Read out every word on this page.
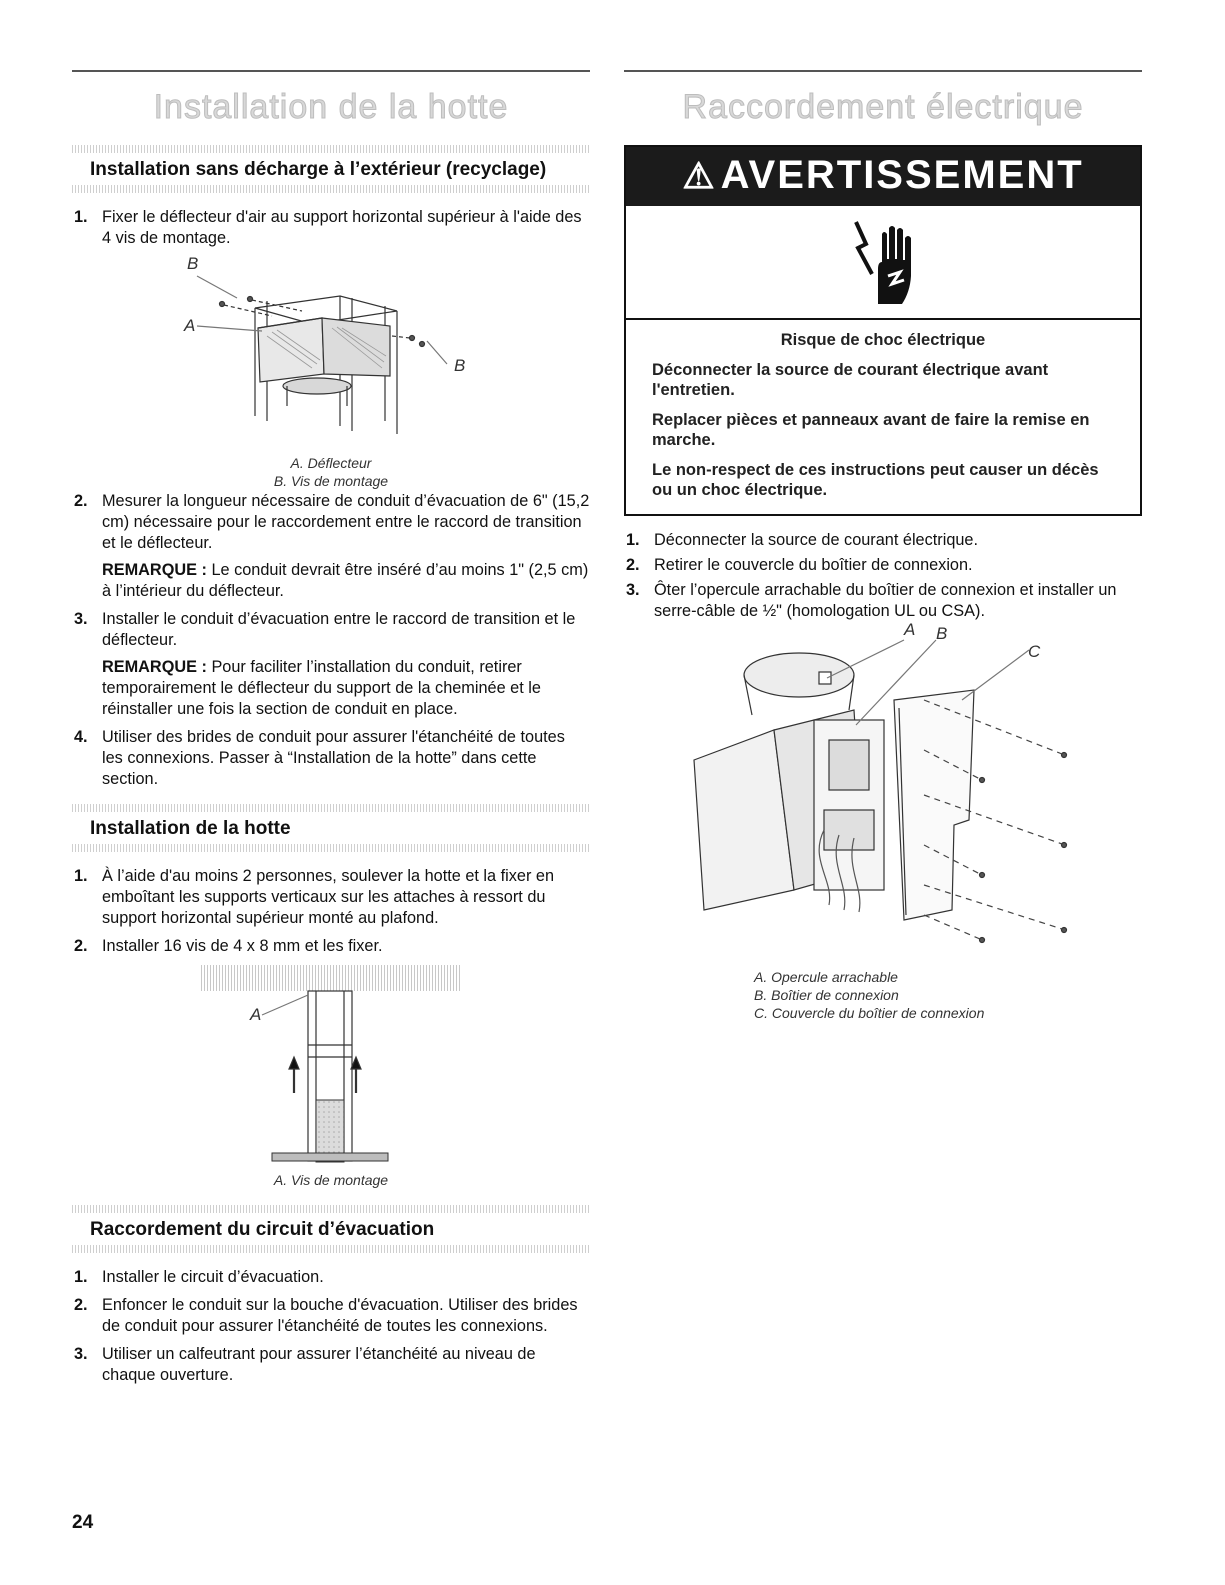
Installation de la hotte
Installation sans décharge à l’extérieur (recyclage)
1. Fixer le déflecteur d'air au support horizontal supérieur à l'aide des 4 vis de montage.
B
A
B
A. Déflecteur
B. Vis de montage
2. Mesurer la longueur nécessaire de conduit d’évacuation de 6" (15,2 cm) nécessaire pour le raccordement entre le raccord de transition et le déflecteur.

REMARQUE : Le conduit devrait être inséré d’au moins 1" (2,5 cm) à l’intérieur du déflecteur.

3. Installer le conduit d’évacuation entre le raccord de transition et le déflecteur.

REMARQUE : Pour faciliter l’installation du conduit, retirer temporairement le déflecteur du support de la cheminée et le réinstaller une fois la section de conduit en place.

4. Utiliser des brides de conduit pour assurer l'étanchéité de toutes les connexions. Passer à “Installation de la hotte” dans cette section.
Installation de la hotte
1. À l’aide d'au moins 2 personnes, soulever la hotte et la fixer en emboîtant les supports verticaux sur les attaches à ressort du support horizontal supérieur monté au plafond.
2. Installer 16 vis de 4 x 8 mm et les fixer.
A
A. Vis de montage
Raccordement du circuit d’évacuation
1. Installer le circuit d’évacuation.
2. Enfoncer le conduit sur la bouche d'évacuation. Utiliser des brides de conduit pour assurer l'étanchéité de toutes les connexions.
3. Utiliser un calfeutrant pour assurer l’étanchéité au niveau de chaque ouverture.
Raccordement électrique
⚠ AVERTISSEMENT

Risque de choc électrique

Déconnecter la source de courant électrique avant l'entretien.

Replacer pièces et panneaux avant de faire la remise en marche.

Le non-respect de ces instructions peut causer un décès ou un choc électrique.

1. Déconnecter la source de courant électrique.
2. Retirer le couvercle du boîtier de connexion.
3. Ôter l’opercule arrachable du boîtier de connexion et installer un serre-câble de ½" (homologation UL ou CSA).
A B
C
A. Opercule arrachable
B. Boîtier de connexion
C. Couvercle du boîtier de connexion
24
